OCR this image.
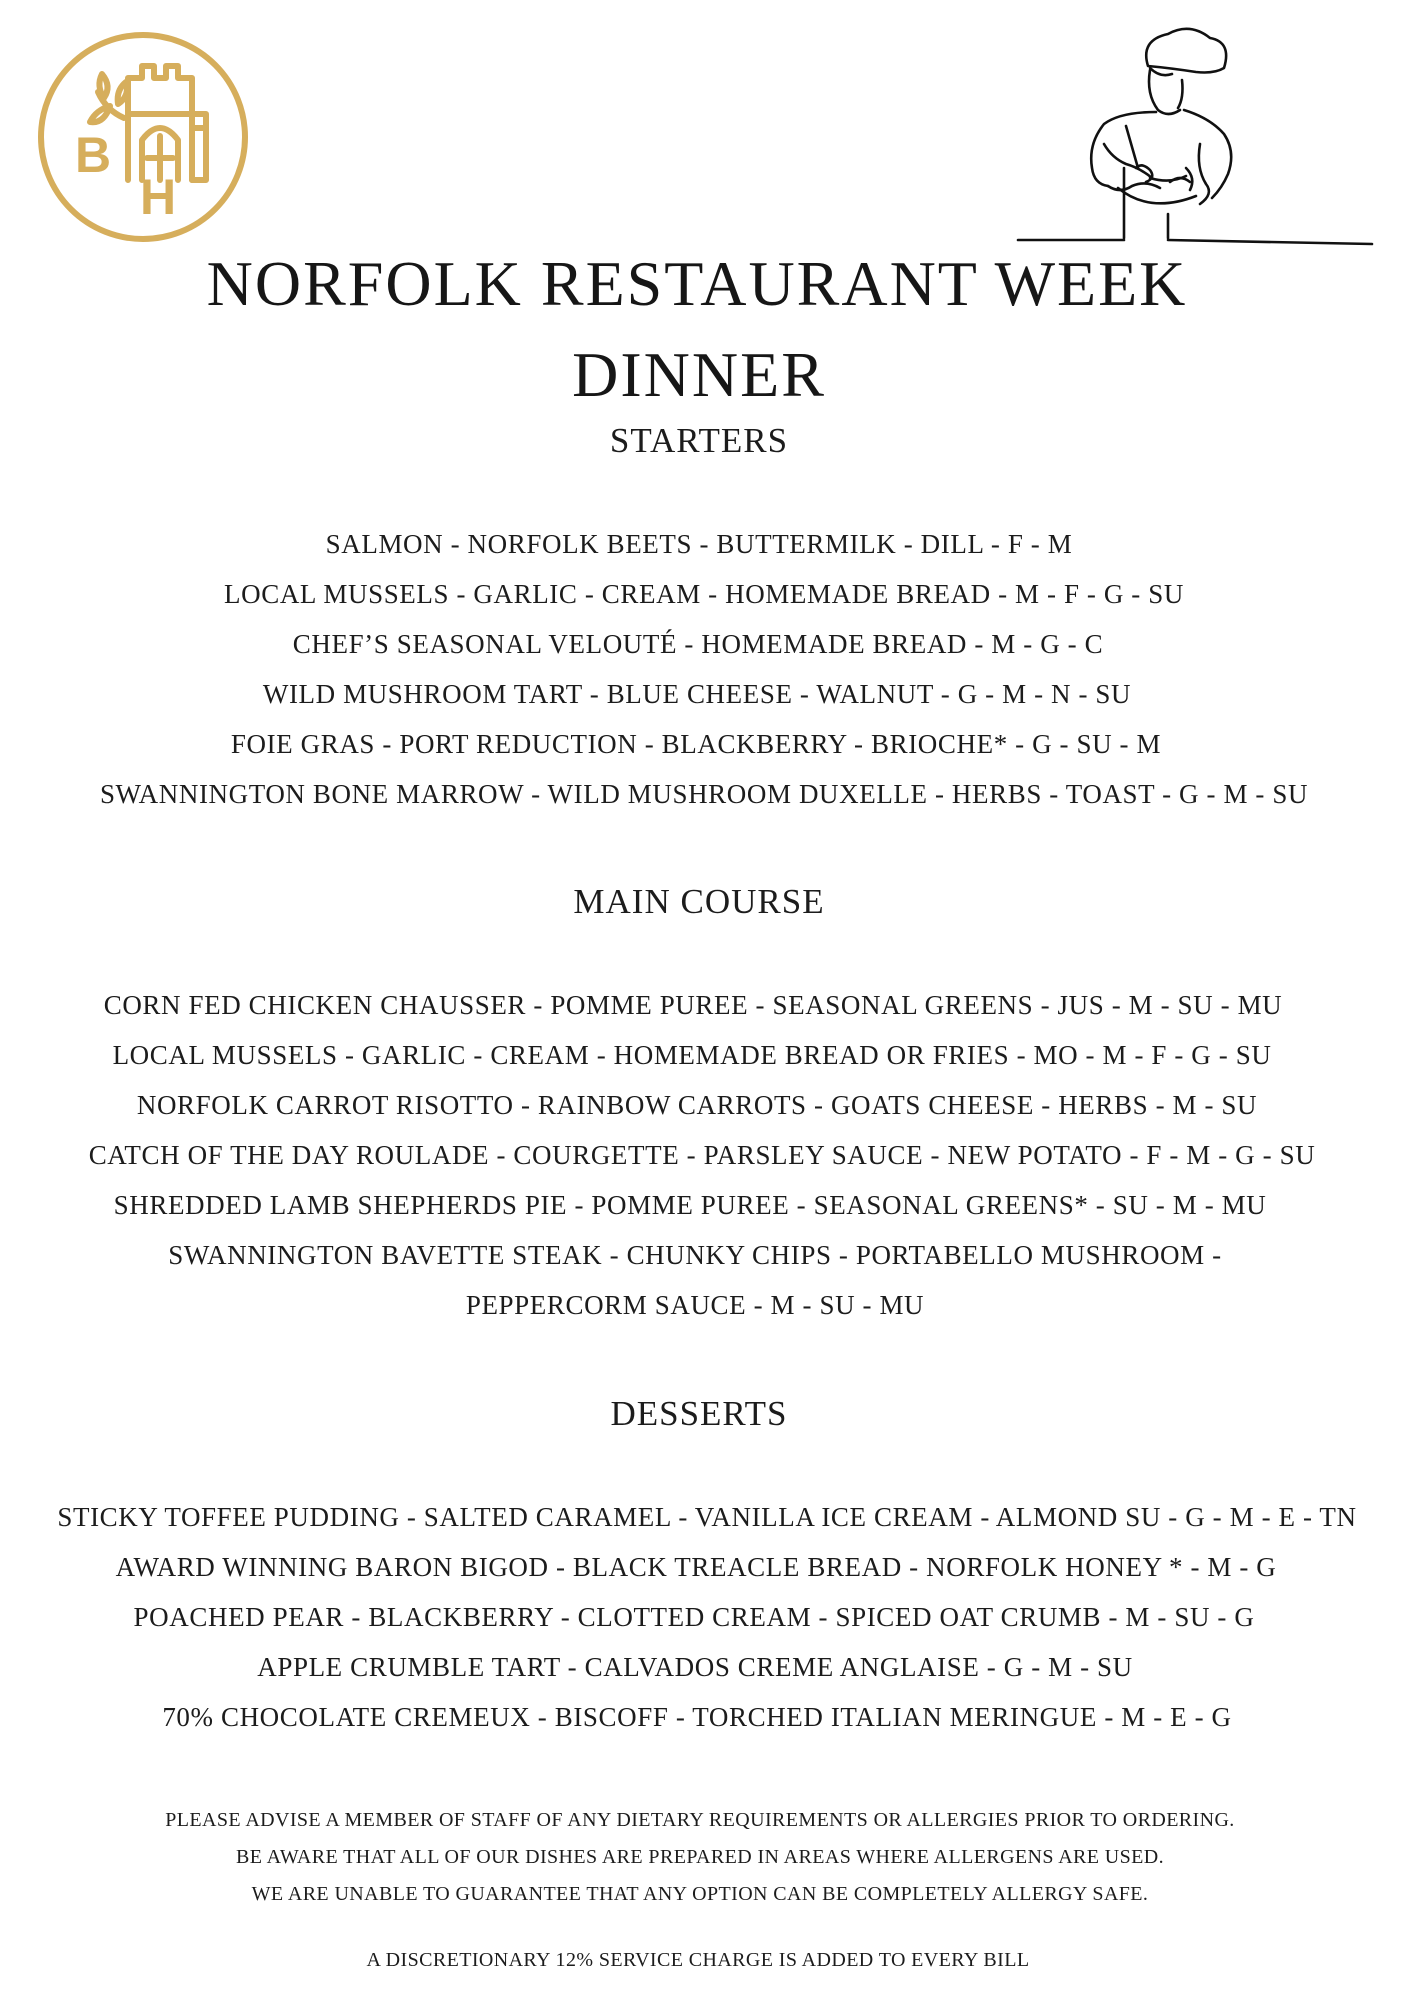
B
H
NORFOLK RESTAURANT WEEK
DINNER
STARTERS
SALMON - NORFOLK BEETS - BUTTERMILK - DILL - F - M
LOCAL MUSSELS - GARLIC - CREAM - HOMEMADE BREAD - M - F - G - SU
CHEF’S SEASONAL VELOUTÉ - HOMEMADE BREAD - M - G - C
WILD MUSHROOM TART - BLUE CHEESE - WALNUT - G - M - N - SU
FOIE GRAS - PORT REDUCTION - BLACKBERRY - BRIOCHE* - G - SU - M
SWANNINGTON BONE MARROW - WILD MUSHROOM DUXELLE - HERBS - TOAST - G - M - SU
MAIN COURSE
CORN FED CHICKEN CHAUSSER - POMME PUREE - SEASONAL GREENS - JUS - M - SU - MU
LOCAL MUSSELS - GARLIC - CREAM - HOMEMADE BREAD OR FRIES - MO - M - F - G - SU
NORFOLK CARROT RISOTTO - RAINBOW CARROTS - GOATS CHEESE - HERBS - M - SU
CATCH OF THE DAY ROULADE - COURGETTE - PARSLEY SAUCE - NEW POTATO - F - M - G - SU
SHREDDED LAMB SHEPHERDS PIE - POMME PUREE - SEASONAL GREENS* - SU - M - MU
SWANNINGTON BAVETTE STEAK - CHUNKY CHIPS - PORTABELLO MUSHROOM -
PEPPERCORM SAUCE - M - SU - MU
DESSERTS
STICKY TOFFEE PUDDING - SALTED CARAMEL - VANILLA ICE CREAM - ALMOND SU - G - M - E - TN
AWARD WINNING BARON BIGOD - BLACK TREACLE BREAD - NORFOLK HONEY * - M - G
POACHED PEAR - BLACKBERRY - CLOTTED CREAM - SPICED OAT CRUMB - M - SU - G
APPLE CRUMBLE TART - CALVADOS CREME ANGLAISE - G - M - SU
70% CHOCOLATE CREMEUX - BISCOFF - TORCHED ITALIAN MERINGUE - M - E - G
PLEASE ADVISE A MEMBER OF STAFF OF ANY DIETARY REQUIREMENTS OR ALLERGIES PRIOR TO ORDERING.
BE AWARE THAT ALL OF OUR DISHES ARE PREPARED IN AREAS WHERE ALLERGENS ARE USED.
WE ARE UNABLE TO GUARANTEE THAT ANY OPTION CAN BE COMPLETELY ALLERGY SAFE.

A DISCRETIONARY 12% SERVICE CHARGE IS ADDED TO EVERY BILL
